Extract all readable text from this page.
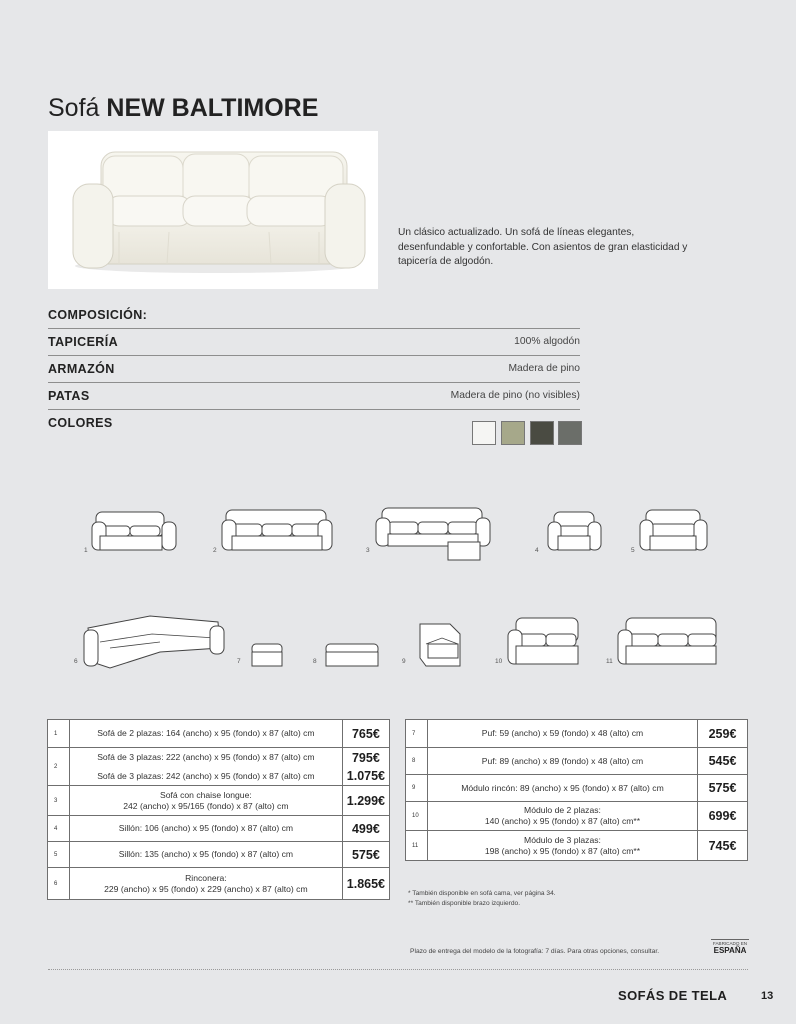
Sofá NEW BALTIMORE
Un clásico actualizado. Un sofá de líneas elegantes, desenfundable y confortable. Con asientos de gran elasticidad y tapicería de algodón.
COMPOSICIÓN:
TAPICERÍA	100% algodón
ARMAZÓN	Madera de pino
PATAS	Madera de pino (no visibles)
COLORES
1	2	3	4	5
6	7	8	9	10	11
1	Sofá de 2 plazas: 164 (ancho) x 95 (fondo) x 87 (alto) cm	765€
2	Sofá de 3 plazas: 222 (ancho) x 95 (fondo) x 87 (alto) cm	795€
	Sofá de 3 plazas: 242 (ancho) x 95 (fondo) x 87 (alto) cm	1.075€
3	Sofá con chaise longue:
242 (ancho) x 95/165 (fondo) x 87 (alto) cm	1.299€
4	Sillón: 106 (ancho) x 95 (fondo) x 87 (alto) cm	499€
5	Sillón: 135 (ancho) x 95 (fondo) x 87 (alto) cm	575€
6	Rinconera:
229 (ancho) x 95 (fondo) x 229 (ancho) x 87 (alto) cm	1.865€
7	Puf: 59 (ancho) x 59 (fondo) x 48 (alto) cm	259€
8	Puf: 89 (ancho) x 89 (fondo) x 48 (alto) cm	545€
9	Módulo rincón: 89 (ancho) x 95 (fondo) x 87 (alto) cm	575€
10	Módulo de 2 plazas:
140 (ancho) x 95 (fondo) x 87 (alto) cm**	699€
11	Módulo de 3 plazas:
198 (ancho) x 95 (fondo) x 87 (alto) cm**	745€
* También disponible en sofá cama, ver página 34.
** También disponible brazo izquierdo.
Plazo de entrega del modelo de la fotografía: 7 días. Para otras opciones, consultar.
FABRICADO EN
ESPAÑA
SOFÁS DE TELA	13
